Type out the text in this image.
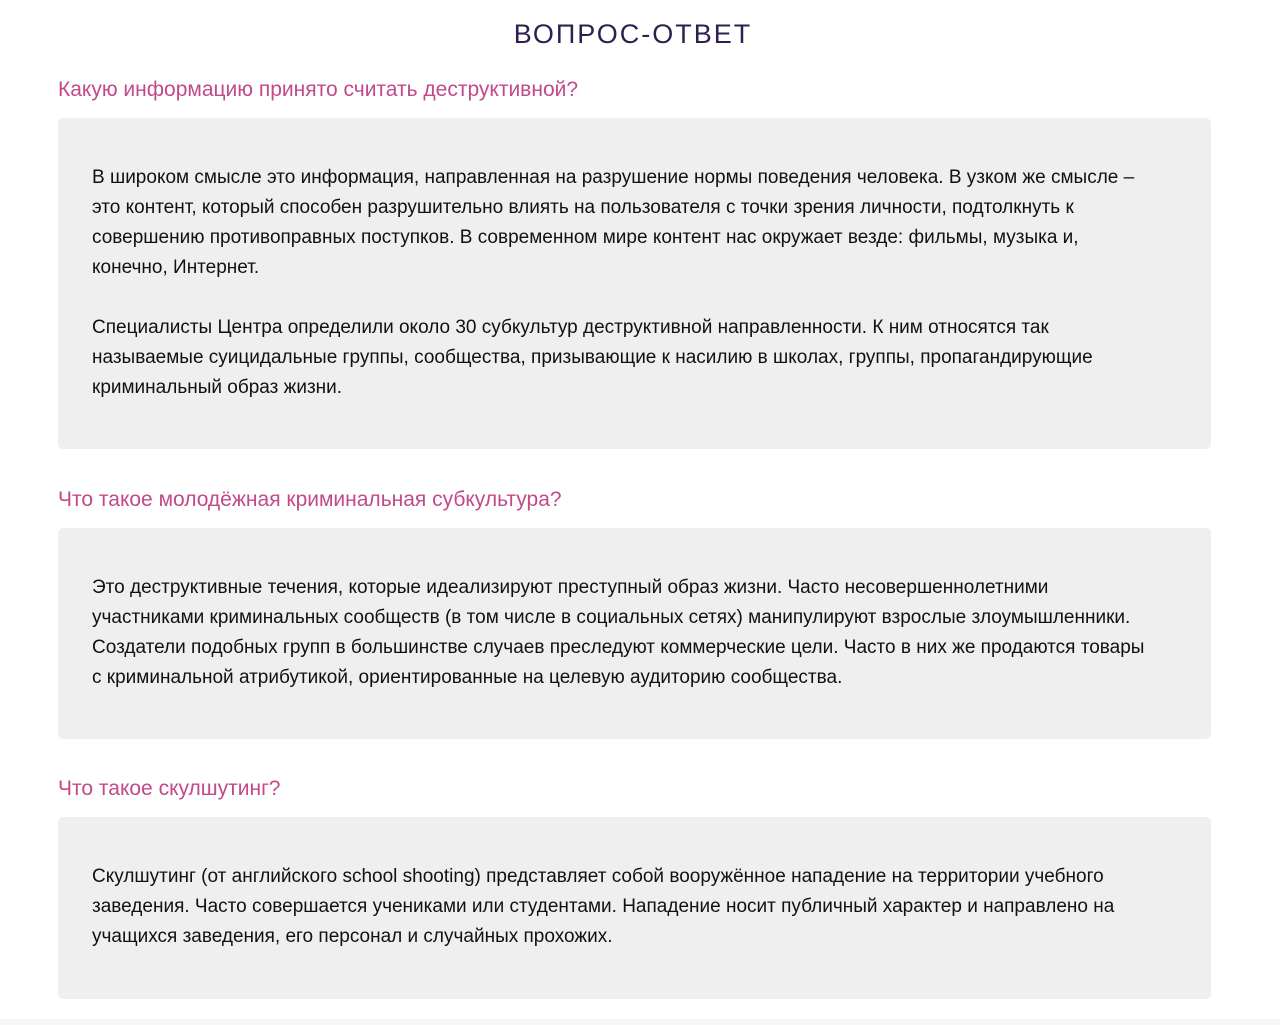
ВОПРОС-ОТВЕТ
Какую информацию принято считать деструктивной?

В широком смысле это информация, направленная на разрушение нормы поведения человека. В узком же смысле –
это контент, который способен разрушительно влиять на пользователя с точки зрения личности, подтолкнуть к
совершению противоправных поступков. В современном мире контент нас окружает везде: фильмы, музыка и,
конечно, Интернет.

Специалисты Центра определили около 30 субкультур деструктивной направленности. К ним относятся так
называемые суицидальные группы, сообщества, призывающие к насилию в школах, группы, пропагандирующие
криминальный образ жизни.

Что такое молодёжная криминальная субкультура?

Это деструктивные течения, которые идеализируют преступный образ жизни. Часто несовершеннолетними
участниками криминальных сообществ (в том числе в социальных сетях) манипулируют взрослые злоумышленники.
Создатели подобных групп в большинстве случаев преследуют коммерческие цели. Часто в них же продаются товары
с криминальной атрибутикой, ориентированные на целевую аудиторию сообщества.

Что такое скулшутинг?

Скулшутинг (от английского school shooting) представляет собой вооружённое нападение на территории учебного
заведения. Часто совершается учениками или студентами. Нападение носит публичный характер и направлено на
учащихся заведения, его персонал и случайных прохожих.
